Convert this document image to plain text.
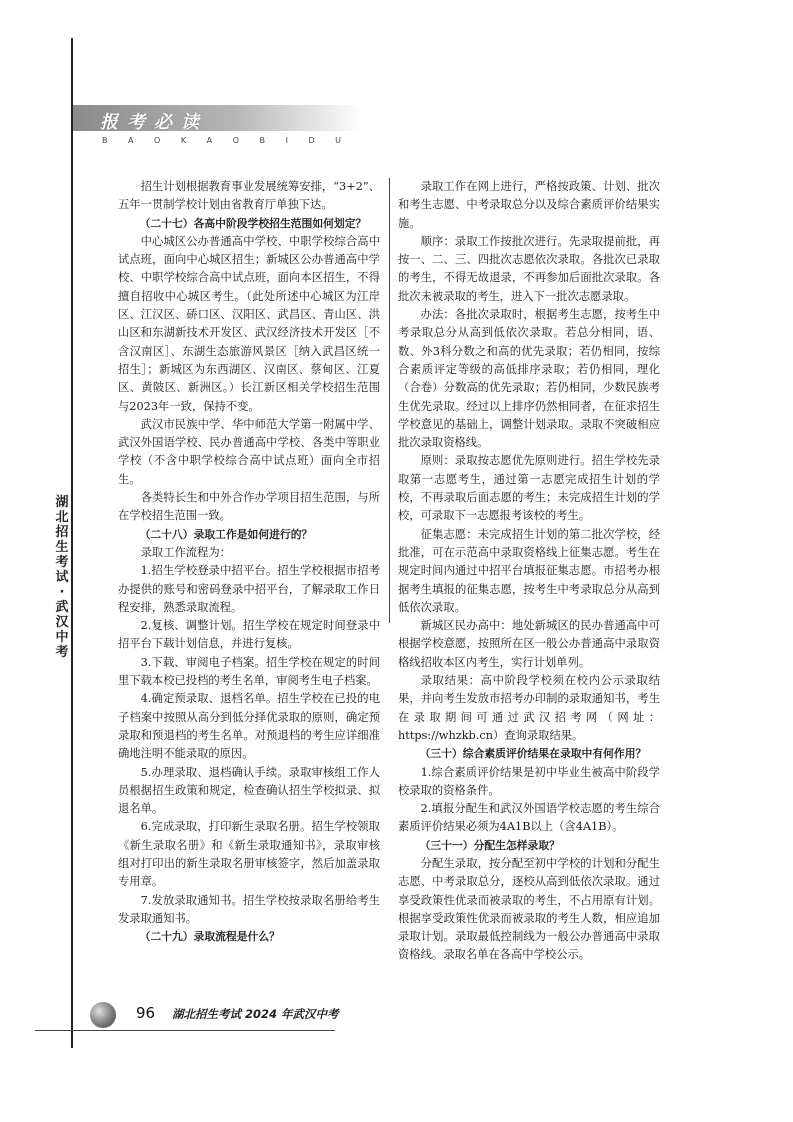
报考必读
B A O K A O B I D U
湖北招生考试·武汉中考

招生计划根据教育事业发展统筹安排，“3+2”、五年一贯制学校计划由省教育厅单独下达。

（二十七）各高中阶段学校招生范围如何划定？

中心城区公办普通高中学校、中职学校综合高中试点班，面向中心城区招生；新城区公办普通高中学校、中职学校综合高中试点班，面向本区招生，不得擅自招收中心城区考生。（此处所述中心城区为江岸区、江汉区、硚口区、汉阳区、武昌区、青山区、洪山区和东湖新技术开发区、武汉经济技术开发区［不含汉南区］、东湖生态旅游风景区［纳入武昌区统一招生］；新城区为东西湖区、汉南区、蔡甸区、江夏区、黄陂区、新洲区。）长江新区相关学校招生范围与2023年一致，保持不变。

武汉市民族中学、华中师范大学第一附属中学、武汉外国语学校、民办普通高中学校、各类中等职业学校（不含中职学校综合高中试点班）面向全市招生。

各类特长生和中外合作办学项目招生范围，与所在学校招生范围一致。

（二十八）录取工作是如何进行的？

录取工作流程为：

1.招生学校登录中招平台。招生学校根据市招考办提供的账号和密码登录中招平台，了解录取工作日程安排，熟悉录取流程。

2.复核、调整计划。招生学校在规定时间登录中招平台下载计划信息，并进行复核。

3.下载、审阅电子档案。招生学校在规定的时间里下载本校已投档的考生名单，审阅考生电子档案。

4.确定预录取、退档名单。招生学校在已投的电子档案中按照从高分到低分择优录取的原则，确定预录取和预退档的考生名单。对预退档的考生应详细准确地注明不能录取的原因。

5.办理录取、退档确认手续。录取审核组工作人员根据招生政策和规定，检查确认招生学校拟录、拟退名单。

6.完成录取，打印新生录取名册。招生学校领取《新生录取名册》和《新生录取通知书》，录取审核组对打印出的新生录取名册审核签字，然后加盖录取专用章。

7.发放录取通知书。招生学校按录取名册给考生发录取通知书。

（二十九）录取流程是什么？

录取工作在网上进行，严格按政策、计划、批次和考生志愿、中考录取总分以及综合素质评价结果实施。

顺序：录取工作按批次进行。先录取提前批，再按一、二、三、四批次志愿依次录取。各批次已录取的考生，不得无故退录，不再参加后面批次录取。各批次未被录取的考生，进入下一批次志愿录取。

办法：各批次录取时，根据考生志愿，按考生中考录取总分从高到低依次录取。若总分相同，语、数、外3科分数之和高的优先录取；若仍相同，按综合素质评定等级的高低排序录取；若仍相同，理化（合卷）分数高的优先录取；若仍相同，少数民族考生优先录取。经过以上排序仍然相同者，在征求招生学校意见的基础上，调整计划录取。录取不突破相应批次录取资格线。

原则：录取按志愿优先原则进行。招生学校先录取第一志愿考生，通过第一志愿完成招生计划的学校，不再录取后面志愿的考生；未完成招生计划的学校，可录取下一志愿报考该校的考生。

征集志愿：未完成招生计划的第二批次学校，经批准，可在示范高中录取资格线上征集志愿。考生在规定时间内通过中招平台填报征集志愿。市招考办根据考生填报的征集志愿，按考生中考录取总分从高到低依次录取。

新城区民办高中：地处新城区的民办普通高中可根据学校意愿，按照所在区一般公办普通高中录取资格线招收本区内考生，实行计划单列。

录取结果：高中阶段学校须在校内公示录取结果，并向考生发放市招考办印制的录取通知书，考生在录取期间可通过武汉招考网（网址：https://whzkb.cn）查询录取结果。

（三十）综合素质评价结果在录取中有何作用？

1.综合素质评价结果是初中毕业生被高中阶段学校录取的资格条件。

2.填报分配生和武汉外国语学校志愿的考生综合素质评价结果必须为4A1B以上（含4A1B）。

（三十一）分配生怎样录取？

分配生录取，按分配至初中学校的计划和分配生志愿、中考录取总分，逐校从高到低依次录取。通过享受政策性优录而被录取的考生，不占用原有计划。根据享受政策性优录而被录取的考生人数，相应追加录取计划。录取最低控制线为一般公办普通高中录取资格线。录取名单在各高中学校公示。

96 湖北招生考试 2024 年武汉中考
